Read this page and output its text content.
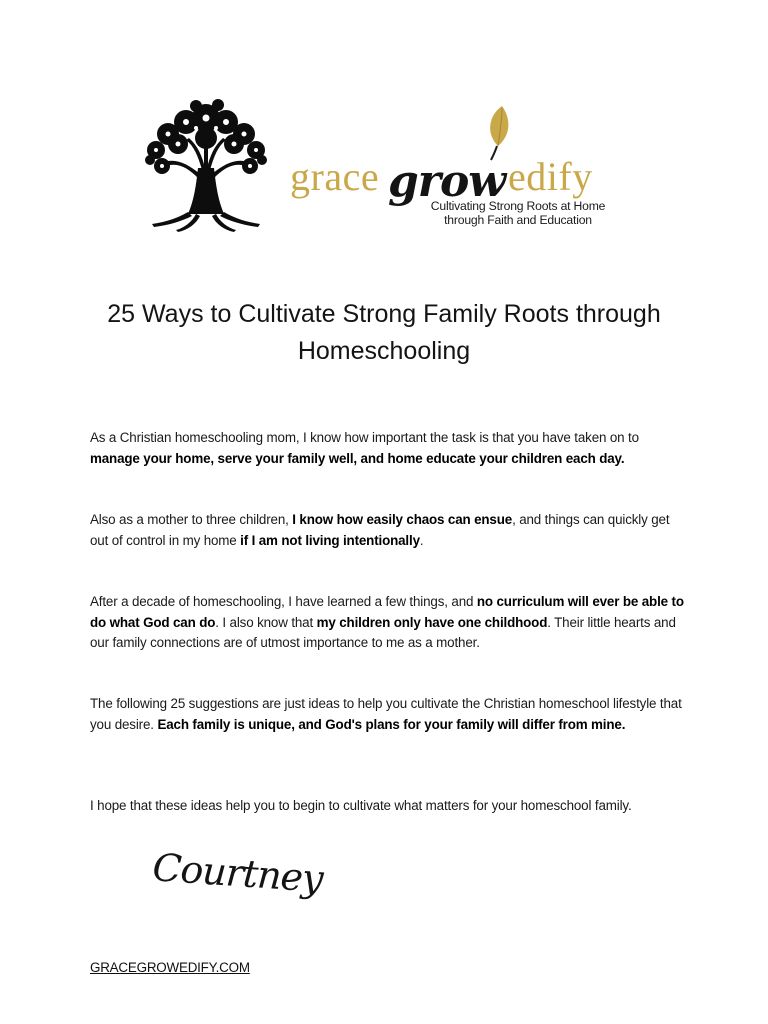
grace grow edify
Cultivating Strong Roots at Home
through Faith and Education
25 Ways to Cultivate Strong Family Roots through
Homeschooling

As a Christian homeschooling mom, I know how important the task is that you have taken on to manage your home, serve your family well, and home educate your children each day.

Also as a mother to three children, I know how easily chaos can ensue, and things can quickly get out of control in my home if I am not living intentionally.

After a decade of homeschooling, I have learned a few things, and no curriculum will ever be able to do what God can do. I also know that my children only have one childhood. Their little hearts and our family connections are of utmost importance to me as a mother.

The following 25 suggestions are just ideas to help you cultivate the Christian homeschool lifestyle that you desire. Each family is unique, and God's plans for your family will differ from mine.

I hope that these ideas help you to begin to cultivate what matters for your homeschool family.

Courtney
GRACEGROWEDIFY.COM
